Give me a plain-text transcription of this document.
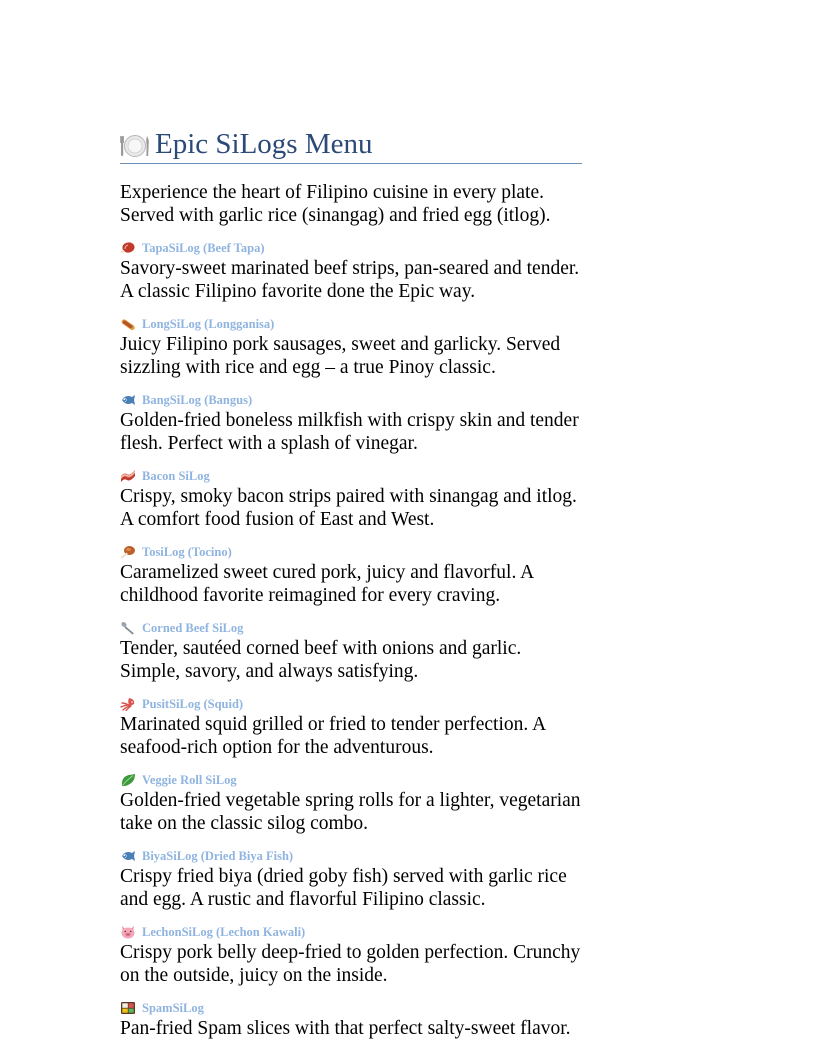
Epic SiLogs Menu
Experience the heart of Filipino cuisine in every plate. Served with garlic rice (sinangag) and fried egg (itlog).
TapaSiLog (Beef Tapa)
Savory-sweet marinated beef strips, pan-seared and tender. A classic Filipino favorite done the Epic way.
LongSiLog (Longganisa)
Juicy Filipino pork sausages, sweet and garlicky. Served sizzling with rice and egg – a true Pinoy classic.
BangSiLog (Bangus)
Golden-fried boneless milkfish with crispy skin and tender flesh. Perfect with a splash of vinegar.
Bacon SiLog
Crispy, smoky bacon strips paired with sinangag and itlog. A comfort food fusion of East and West.
TosiLog (Tocino)
Caramelized sweet cured pork, juicy and flavorful. A childhood favorite reimagined for every craving.
Corned Beef SiLog
Tender, sautéed corned beef with onions and garlic. Simple, savory, and always satisfying.
PusitSiLog (Squid)
Marinated squid grilled or fried to tender perfection. A seafood-rich option for the adventurous.
Veggie Roll SiLog
Golden-fried vegetable spring rolls for a lighter, vegetarian take on the classic silog combo.
BiyaSiLog (Dried Biya Fish)
Crispy fried biya (dried goby fish) served with garlic rice and egg. A rustic and flavorful Filipino classic.
LechonSiLog (Lechon Kawali)
Crispy pork belly deep-fried to golden perfection. Crunchy on the outside, juicy on the inside.
SpamSiLog
Pan-fried Spam slices with that perfect salty-sweet flavor.
